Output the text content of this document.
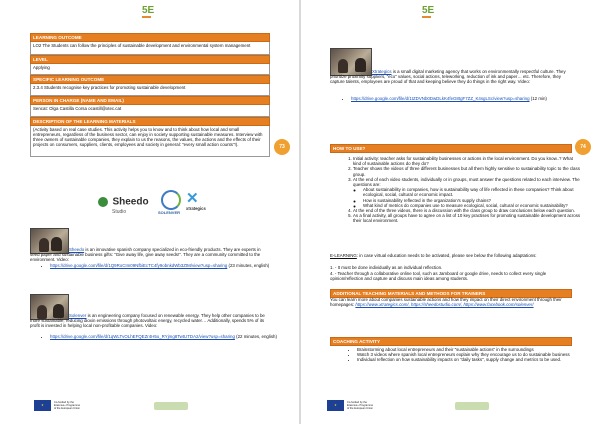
5E
73
LEARNING OUTCOME
LO2 The Students can follow the principles of sustainable development and environmental system management
LEVEL
Applying
SPECIFIC LEARNING OUTCOME
2.3.4 Students recognise key practices for promoting sustainable development
PERSON IN CHARGE (NAME AND EMAIL)
Sencat: Olga Castilla Corsa ocastill@xtec.cat
DESCRIPTION OF THE LEARNING MATERIALS
(Activity based on real case studies. This activity helps you to know and to think about how local and small entrepreneurs, regardless of the business sector, can enjoy in society supporting sustainable measures. Interview with three owners of sustainable companies, they explain to us the reasons, the values, the actions and the effects of their projects on consumers, suppliers, clients, employees and society in general: "every small action counts"!).
Sheedo
Studio	SOLENVER
✕
xtrategics
Sheedo is an innovative spanish company specialized in eco-friendly products. They are experts in seed paper and sustainable business gifts: "Give away life, give away seeds!". They are a community committed to the environment. Video:
• https://drive.google.com/file/d/1Q9RoCIm09NfbiEcTC4fy9obnkdWb3ZtM/view?usp=sharing (23 minutes, english)
Solenver is an engineering company focused on renewable energy. They help other companies to be more sustainable, reducing dioxin emissions through photovoltaic energy, recycled water… Additionally, spends 5% of its profit is invested in helping local non-profitable companies. Video:
• https://drive.google.com/file/d/1qWLTvOLhEFQEZr4H5o_RYjmg8TwtUTDA2/view?usp=sharing (22 minutes, english)
★
Co-funded by the
Erasmus+ Programme
of the European Union
5E
74
Xtrategics is a small digital marketing agency that works on environmentally respectful culture. They prioritize proximity suppliers, "eco" values, social actions, teleworking, reduction of ink and paper… etc. Therefore, they capture talents, employees are proud of that and keeping believe they do things in the right way. Video:
• https://drive.google.com/file/d/1tZDVNb0DwDLkK4feG8tgF7ZZ_K4sgLSc/view?usp=sharing (12 min)
HOW TO USE?
1. Initial activity: teacher asks for sustainability businesses or actions in the local environment. Do you know..? What kind of sustainable actions do they do?
2. Teacher shows the videos of three different businesses but all them highly sensitive to sustainability topic to the class group.
3. At the end of each video students, individually or in groups, must answer the questions related to each interview. The questions are:
◦ About sustainability in companies, how is sustainability way of life reflected in these companies? Think about ecological, social, cultural or economic impact.
◦ How is sustainability reflected in the organization's supply chains?
◦ What kind of metrics do companies use to measure ecological, social, cultural or economic sustainability?
4. At the end of the three videos, there is a discussion with the class group to draw conclusions below each question.
5. As a final activity, all groups have to agree on a list of 10 key practises for promoting sustainable development across their local environment.
E-LEARNING: in case virtual education needs to be activated, please see below the following adaptations:
1. - It must be done individually as an individual reflection.
4. - Teacher through a collaborative online tool, such as Jamboard or google drive, needs to collect every single opinion/reflection and capture and discuss main ideas among students.
ADDITIONAL TEACHING MATERIALS AND METHODS FOR TRAINERS
You can learn more about companies sustainable actions and how they impact on their direct environment through their
homepages: https://www.xtrategics.com/, https://sheedostudio.com/, https://www.facebook.com/solenver/
COACHING ACTIVITY
• Brainstorming about local entrepreneurs and their "sustainable actions" in the surroundings
• Watch 3 videos where spanish local entrepreneurs explain why they encourage us to do sustainable business
• Individual reflection on how sustainability impacts on "daily tasks", supply change and metrics to be used.
★
Co-funded by the
Erasmus+ Programme
of the European Union
